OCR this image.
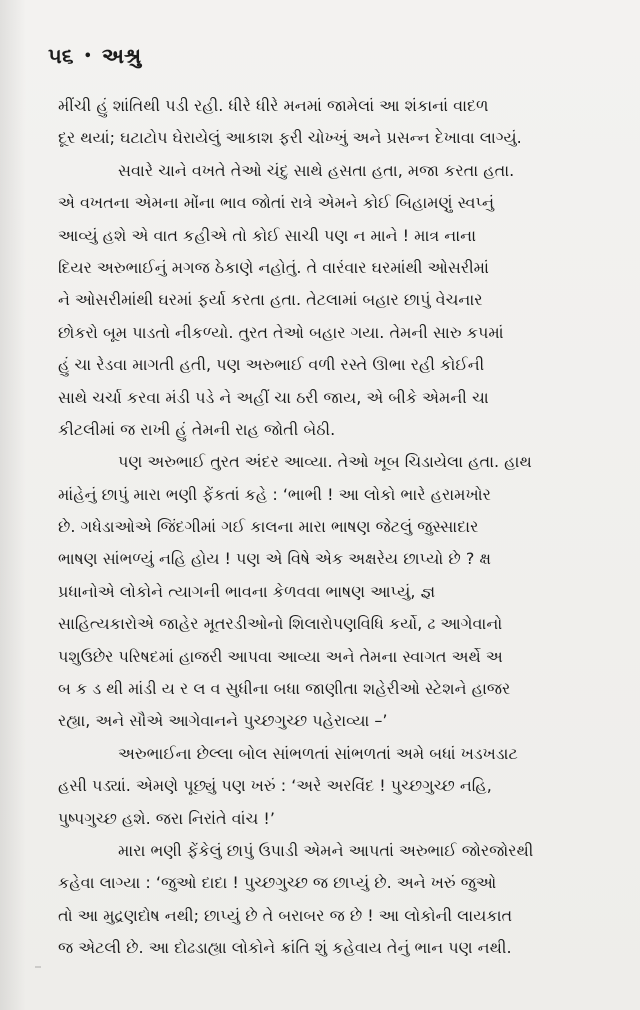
૫૬ • અશ્રુ
મીંચી હું શાંતિથી પડી રહી. ધીરે ધીરે મનમાં જામેલાં આ શંકાનાં વાદળ
દૂર થયાં; ઘટાટોપ ઘેરાયેલું આકાશ ફરી ચોખ્ખું અને પ્રસન્ન દેખાવા લાગ્યું.
સવારે ચાને વખતે તેઓ ચંદુ સાથે હસતા હતા, મજા કરતા હતા.
એ વખતના એમના મોંના ભાવ જોતાં રાત્રે એમને કોઈ બિહામણું સ્વપ્નું
આવ્યું હશે એ વાત કહીએ તો કોઈ સાચી પણ ન માને ! માત્ર નાના
દિયર અરુભાઈનું મગજ ઠેકાણે નહોતું. તે વારંવાર ઘરમાંથી ઓસરીમાં
ને ઓસરીમાંથી ઘરમાં ફર્યા કરતા હતા. તેટલામાં બહાર છાપું વેચનાર
છોકરો બૂમ પાડતો નીકળ્યો. તુરત તેઓ બહાર ગયા. તેમની સારુ કપમાં
હું ચા રેડવા માગતી હતી, પણ અરુભાઈ વળી રસ્તે ઊભા રહી કોઈની
સાથે ચર્ચા કરવા મંડી પડે ને અહીં ચા ઠરી જાય, એ બીકે એમની ચા
કીટલીમાં જ રાખી હું તેમની રાહ જોતી બેઠી.
પણ અરુભાઈ તુરત અંદર આવ્યા. તેઓ ખૂબ ચિડાયેલા હતા. હાથ
માંહેનું છાપું મારા ભણી ફેંકતાં કહે : ‘ભાભી ! આ લોકો ભારે હરામખોર
છે. ગધેડાઓએ જિંદગીમાં ગઈ કાલના મારા ભાષણ જેટલું જુસ્સાદાર
ભાષણ સાંભળ્યું નહિ હોય ! પણ એ વિષે એક અક્ષરેય છાપ્યો છે ? ક્ષ
પ્રધાનોએ લોકોને ત્યાગની ભાવના કેળવવા ભાષણ આપ્યું, જ્ઞ
સાહિત્યકારોએ જાહેર મૂતરડીઓનો શિલારોપણવિધિ કર્યો, ઢ આગેવાનો
પશુઉછેર પરિષદમાં હાજરી આપવા આવ્યા અને તેમના સ્વાગત અર્થે અ
બ ક ડ થી માંડી ય ર લ વ સુધીના બધા જાણીતા શહેરીઓ સ્ટેશને હાજર
રહ્યા, અને સૌએ આગેવાનને પુચ્છગુચ્છ પહેરાવ્યા –’
અરુભાઈના છેલ્લા બોલ સાંભળતાં સાંભળતાં અમે બધાં ખડખડાટ
હસી પડ્યાં. એમણે પૂછ્યું પણ ખરું : ‘અરે અરવિંદ ! પુચ્છગુચ્છ નહિ,
પુષ્પગુચ્છ હશે. જરા નિરાંતે વાંચ !’
મારા ભણી ફેંકેલું છાપું ઉપાડી એમને આપતાં અરુભાઈ જોરજોરથી
કહેવા લાગ્યા : ‘જુઓ દાદા ! પુચ્છગુચ્છ જ છાપ્યું છે. અને ખરું જુઓ
તો આ મુદ્રણદોષ નથી; છાપ્યું છે તે બરાબર જ છે ! આ લોકોની લાયકાત
જ એટલી છે. આ દોઢડાહ્યા લોકોને ક્રાંતિ શું કહેવાય તેનું ભાન પણ નથી.
